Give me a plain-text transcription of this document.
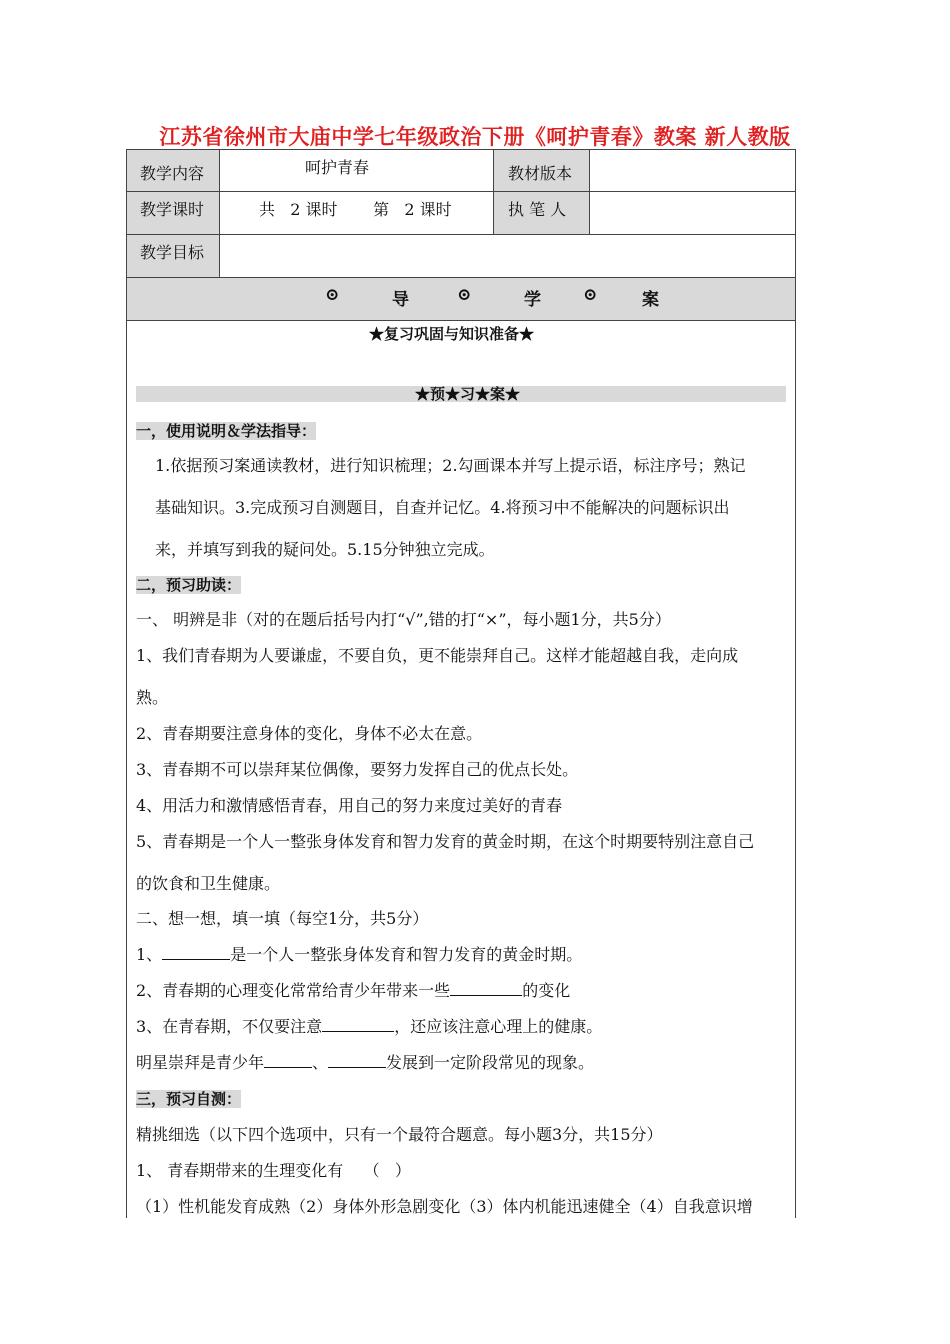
江苏省徐州市大庙中学七年级政治下册《呵护青春》教案 新人教版
⊙	导	⊙	学 ⊙	案
教学内容	呵护青春	教材版本
教学课时	共   2 课时       第   2 课时	执 笔 人
教学目标
★复习巩固与知识准备★
★预★习★案★
一，使用说明＆学法指导：
1.依据预习案通读教材，进行知识梳理；2.勾画课本并写上提示语，标注序号；熟记
基础知识。3.完成预习自测题目，自查并记忆。4.将预习中不能解决的问题标识出
来，并填写到我的疑问处。5.15分钟独立完成。
二，预习助读：
一、 明辨是非（对的在题后括号内打“√”,错的打“×”，每小题1分，共5分）
1、我们青春期为人要谦虚，不要自负，更不能崇拜自己。这样才能超越自我，走向成
熟。
2、青春期要注意身体的变化，身体不必太在意。
3、青春期不可以崇拜某位偶像，要努力发挥自己的优点长处。
4、用活力和激情感悟青春，用自己的努力来度过美好的青春
5、青春期是一个人一整张身体发育和智力发育的黄金时期，在这个时期要特别注意自己
的饮食和卫生健康。
二、想一想，填一填（每空1分，共5分）
1、	是一个人一整张身体发育和智力发育的黄金时期。
2、青春期的心理变化常常给青少年带来一些	的变化
3、在青春期，不仅要注意	，还应该注意心理上的健康。
明星崇拜是青少年	、	发展到一定阶段常见的现象。
三，预习自测：
精挑细选（以下四个选项中，只有一个最符合题意。每小题3分，共15分）
1、 青春期带来的生理变化有    （   ）
（1）性机能发育成熟（2）身体外形急剧变化（3）体内机能迅速健全（4）自我意识增
